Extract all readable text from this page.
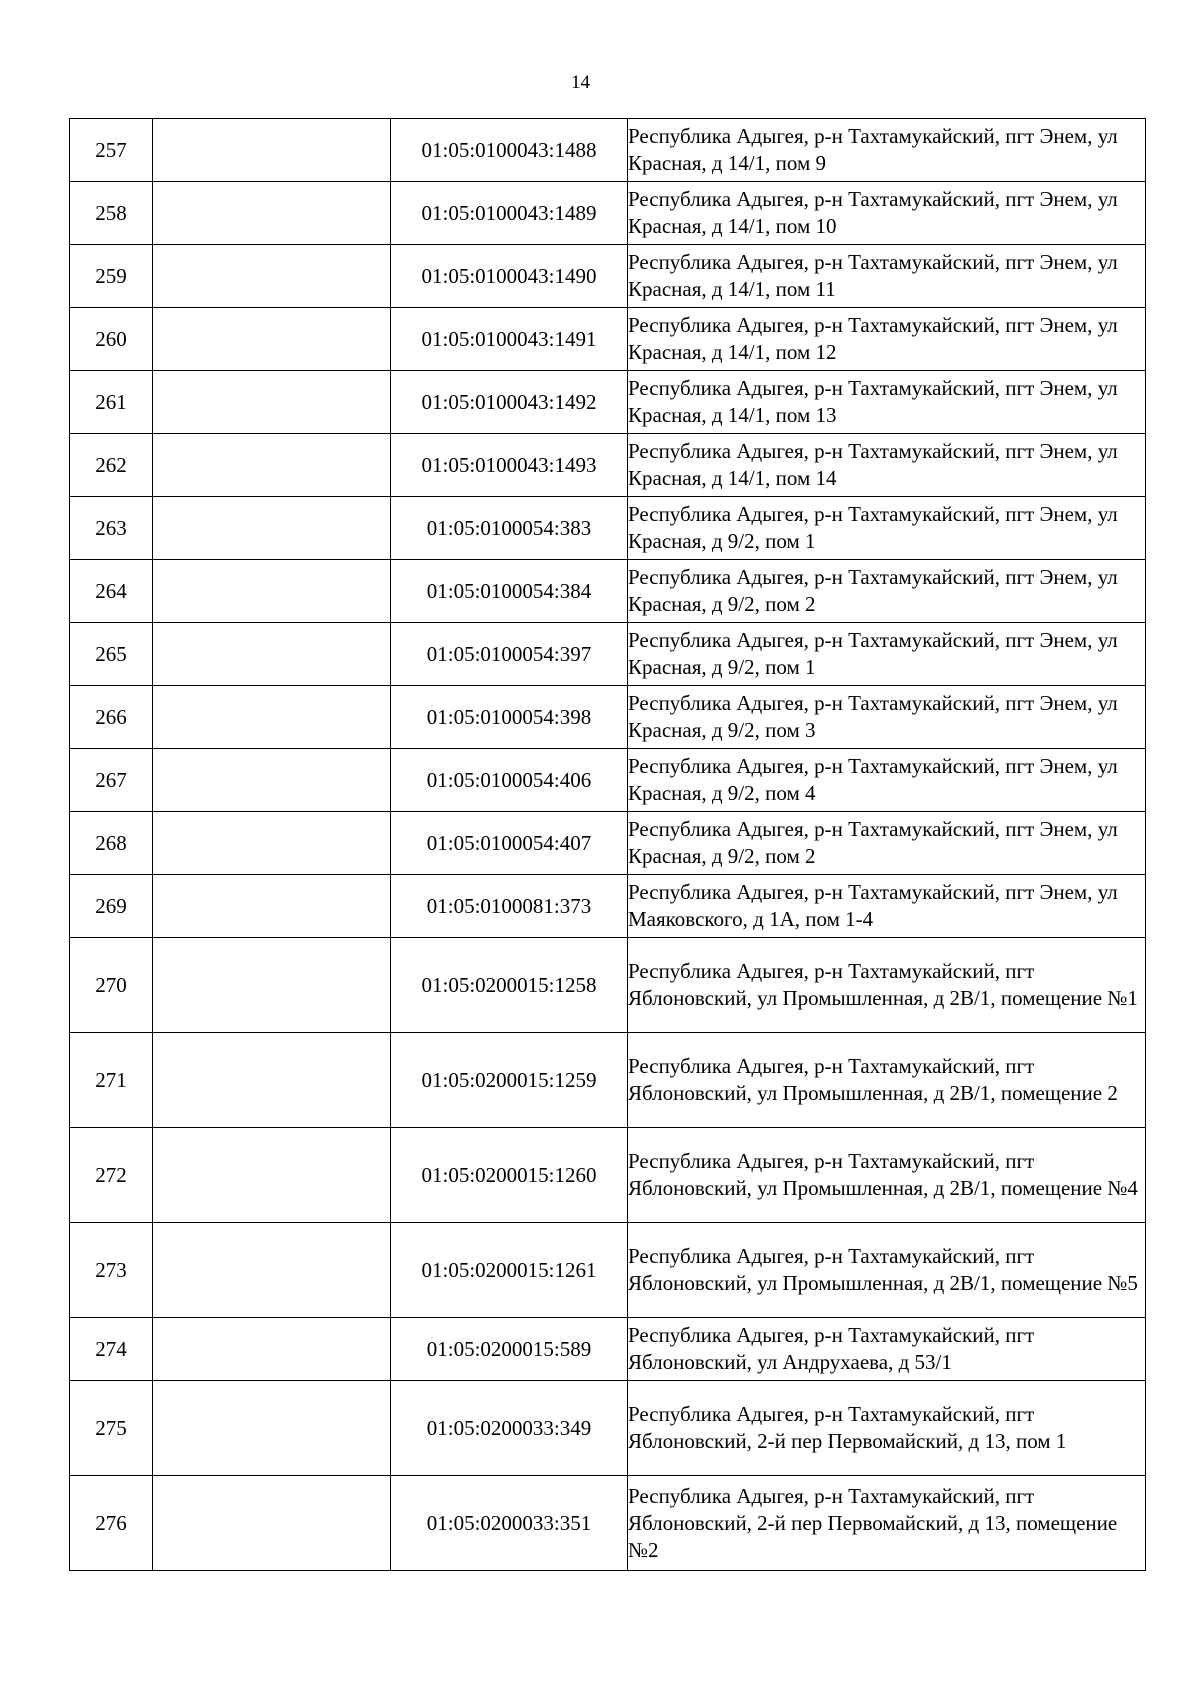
14
257		01:05:0100043:1488	Республика Адыгея, р-н Тахтамукайский, пгт Энем, ул Красная, д 14/1, пом 9
258		01:05:0100043:1489	Республика Адыгея, р-н Тахтамукайский, пгт Энем, ул Красная, д 14/1, пом 10
259		01:05:0100043:1490	Республика Адыгея, р-н Тахтамукайский, пгт Энем, ул Красная, д 14/1, пом 11
260		01:05:0100043:1491	Республика Адыгея, р-н Тахтамукайский, пгт Энем, ул Красная, д 14/1, пом 12
261		01:05:0100043:1492	Республика Адыгея, р-н Тахтамукайский, пгт Энем, ул Красная, д 14/1, пом 13
262		01:05:0100043:1493	Республика Адыгея, р-н Тахтамукайский, пгт Энем, ул Красная, д 14/1, пом 14
263		01:05:0100054:383	Республика Адыгея, р-н Тахтамукайский, пгт Энем, ул Красная, д 9/2, пом 1
264		01:05:0100054:384	Республика Адыгея, р-н Тахтамукайский, пгт Энем, ул Красная, д 9/2, пом 2
265		01:05:0100054:397	Республика Адыгея, р-н Тахтамукайский, пгт Энем, ул Красная, д 9/2, пом 1
266		01:05:0100054:398	Республика Адыгея, р-н Тахтамукайский, пгт Энем, ул Красная, д 9/2, пом 3
267		01:05:0100054:406	Республика Адыгея, р-н Тахтамукайский, пгт Энем, ул Красная, д 9/2, пом 4
268		01:05:0100054:407	Республика Адыгея, р-н Тахтамукайский, пгт Энем, ул Красная, д 9/2, пом 2
269		01:05:0100081:373	Республика Адыгея, р-н Тахтамукайский, пгт Энем, ул Маяковского, д 1А, пом 1-4
270		01:05:0200015:1258	Республика Адыгея, р-н Тахтамукайский, пгт Яблоновский, ул Промышленная, д 2В/1, помещение №1
271		01:05:0200015:1259	Республика Адыгея, р-н Тахтамукайский, пгт Яблоновский, ул Промышленная, д 2В/1, помещение 2
272		01:05:0200015:1260	Республика Адыгея, р-н Тахтамукайский, пгт Яблоновский, ул Промышленная, д 2В/1, помещение №4
273		01:05:0200015:1261	Республика Адыгея, р-н Тахтамукайский, пгт Яблоновский, ул Промышленная, д 2В/1, помещение №5
274		01:05:0200015:589	Республика Адыгея, р-н Тахтамукайский, пгт Яблоновский, ул Андрухаева, д 53/1
275		01:05:0200033:349	Республика Адыгея, р-н Тахтамукайский, пгт Яблоновский, 2-й пер Первомайский, д 13, пом 1
276		01:05:0200033:351	Республика Адыгея, р-н Тахтамукайский, пгт Яблоновский, 2-й пер Первомайский, д 13, помещение №2
